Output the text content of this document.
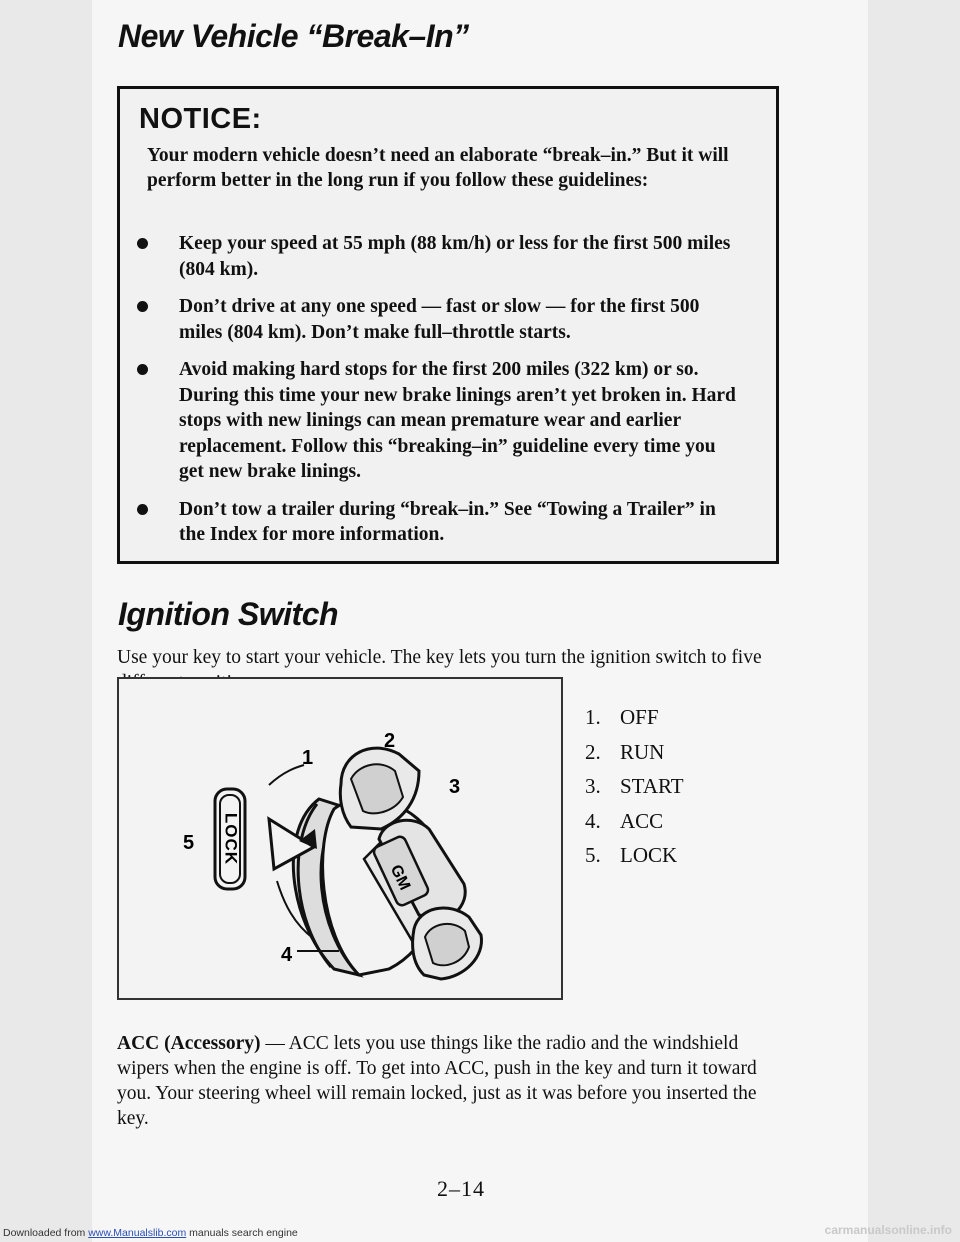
New Vehicle “Break–In”
NOTICE:

Your modern vehicle doesn’t need an elaborate “break–in.” But it will perform better in the long run if you follow these guidelines:

Keep your speed at 55 mph (88 km/h) or less for the first 500 miles (804 km).
Don’t drive at any one speed — fast or slow — for the first 500 miles (804 km). Don’t make full–throttle starts.
Avoid making hard stops for the first 200 miles (322 km) or so. During this time your new brake linings aren’t yet broken in. Hard stops with new linings can mean premature wear and earlier replacement. Follow this “breaking–in” guideline every time you get new brake linings.
Don’t tow a trailer during “break–in.” See “Towing a Trailer” in the Index for more information.
Ignition Switch

Use your key to start your vehicle. The key lets you turn the ignition switch to five

GM
LOCK
1
2
3
4
5
1. OFF
2. RUN
3. START
4. ACC
5. LOCK

ACC (Accessory) — ACC lets you use things like the radio and the windshield wipers when the engine is off. To get into ACC, push in the key and turn it toward you. Your steering wheel will remain locked, just as it was before you inserted the key.

2–14
Downloaded from www.Manualslib.com manuals search engine	carmanualsonline.info
